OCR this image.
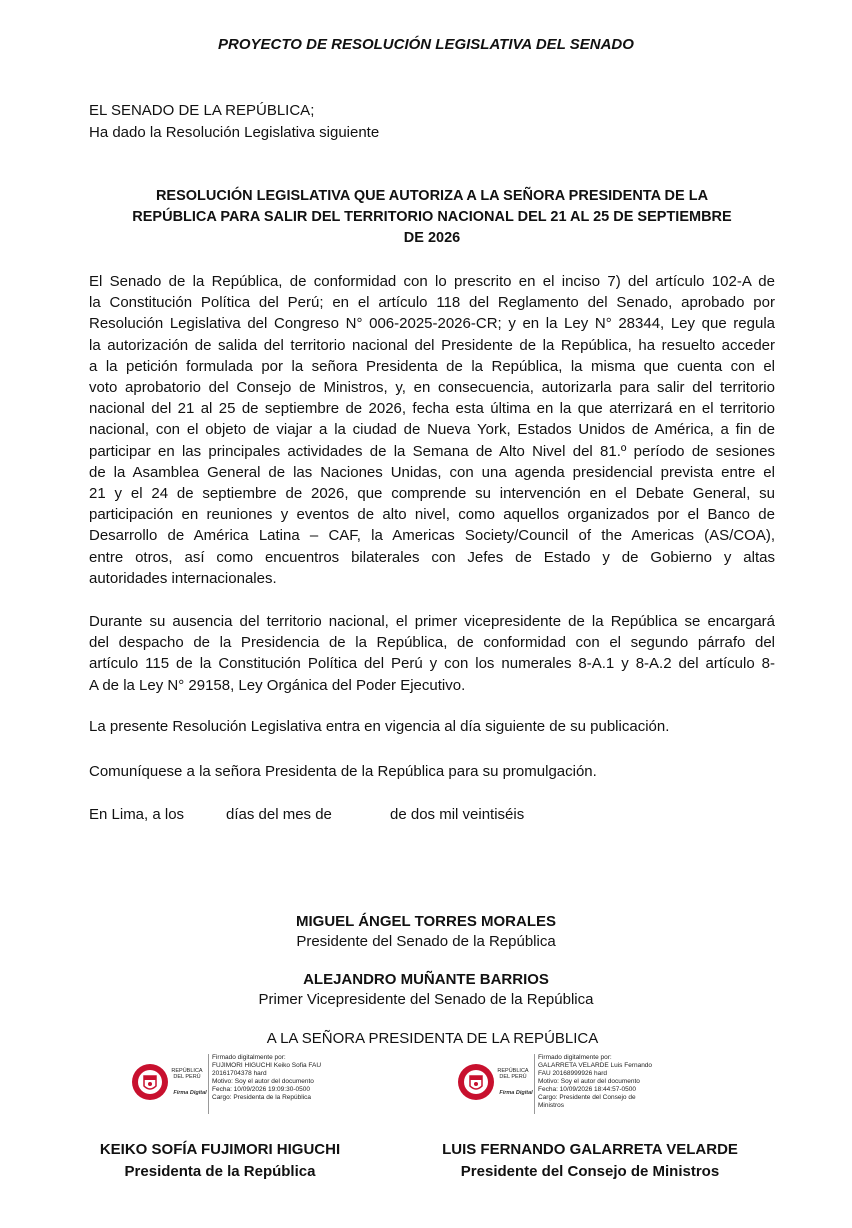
PROYECTO DE RESOLUCIÓN LEGISLATIVA DEL SENADO
EL SENADO DE LA REPÚBLICA;
Ha dado la Resolución Legislativa siguiente
RESOLUCIÓN LEGISLATIVA QUE AUTORIZA A LA SEÑORA PRESIDENTA DE LA
REPÚBLICA PARA SALIR DEL TERRITORIO NACIONAL DEL 21 AL 25 DE SEPTIEMBRE
DE 2026
El Senado de la República, de conformidad con lo prescrito en el inciso 7) del artículo 102-A de
la Constitución Política del Perú; en el artículo 118 del Reglamento del Senado, aprobado por
Resolución Legislativa del Congreso N° 006-2025-2026-CR; y en la Ley N° 28344, Ley que regula
la autorización de salida del territorio nacional del Presidente de la República, ha resuelto acceder
a la petición formulada por la señora Presidenta de la República, la misma que cuenta con el
voto aprobatorio del Consejo de Ministros, y, en consecuencia, autorizarla para salir del territorio
nacional del 21 al 25 de septiembre de 2026, fecha esta última en la que aterrizará en el territorio
nacional, con el objeto de viajar a la ciudad de Nueva York, Estados Unidos de América, a fin de
participar en las principales actividades de la Semana de Alto Nivel del 81.º período de sesiones
de la Asamblea General de las Naciones Unidas, con una agenda presidencial prevista entre el
21 y el 24 de septiembre de 2026, que comprende su intervención en el Debate General, su
participación en reuniones y eventos de alto nivel, como aquellos organizados por el Banco de
Desarrollo de América Latina – CAF, la Americas Society/Council of the Americas (AS/COA),
entre otros, así como encuentros bilaterales con Jefes de Estado y de Gobierno y altas
autoridades internacionales.
Durante su ausencia del territorio nacional, el primer vicepresidente de la República se encargará
del despacho de la Presidencia de la República, de conformidad con el segundo párrafo del
artículo 115 de la Constitución Política del Perú y con los numerales 8-A.1 y 8-A.2 del artículo 8-
A de la Ley N° 29158, Ley Orgánica del Poder Ejecutivo.
La presente Resolución Legislativa entra en vigencia al día siguiente de su publicación.
Comuníquese a la señora Presidenta de la República para su promulgación.
En Lima, a los	días del mes de	de dos mil veintiséis
MIGUEL ÁNGEL TORRES MORALES
Presidente del Senado de la República
ALEJANDRO MUÑANTE BARRIOS
Primer Vicepresidente del Senado de la República
A LA SEÑORA PRESIDENTA DE LA REPÚBLICA
REPÚBLICA
DEL PERÚ
Firma Digital
Firmado digitalmente por:
FUJIMORI HIGUCHI Keiko Sofia FAU
20161704378 hard
Motivo: Soy el autor del documento
Fecha: 10/09/2026 19:09:30-0500
Cargo: Presidenta de la República
REPÚBLICA
DEL PERÚ
Firma Digital
Firmado digitalmente por:
GALARRETA VELARDE Luis Fernando
FAU 20168999926 hard
Motivo: Soy el autor del documento
Fecha: 10/09/2026 18:44:57-0500
Cargo: Presidente del Consejo de
Ministros
KEIKO SOFÍA FUJIMORI HIGUCHI
Presidenta de la República
LUIS FERNANDO GALARRETA VELARDE
Presidente del Consejo de Ministros
